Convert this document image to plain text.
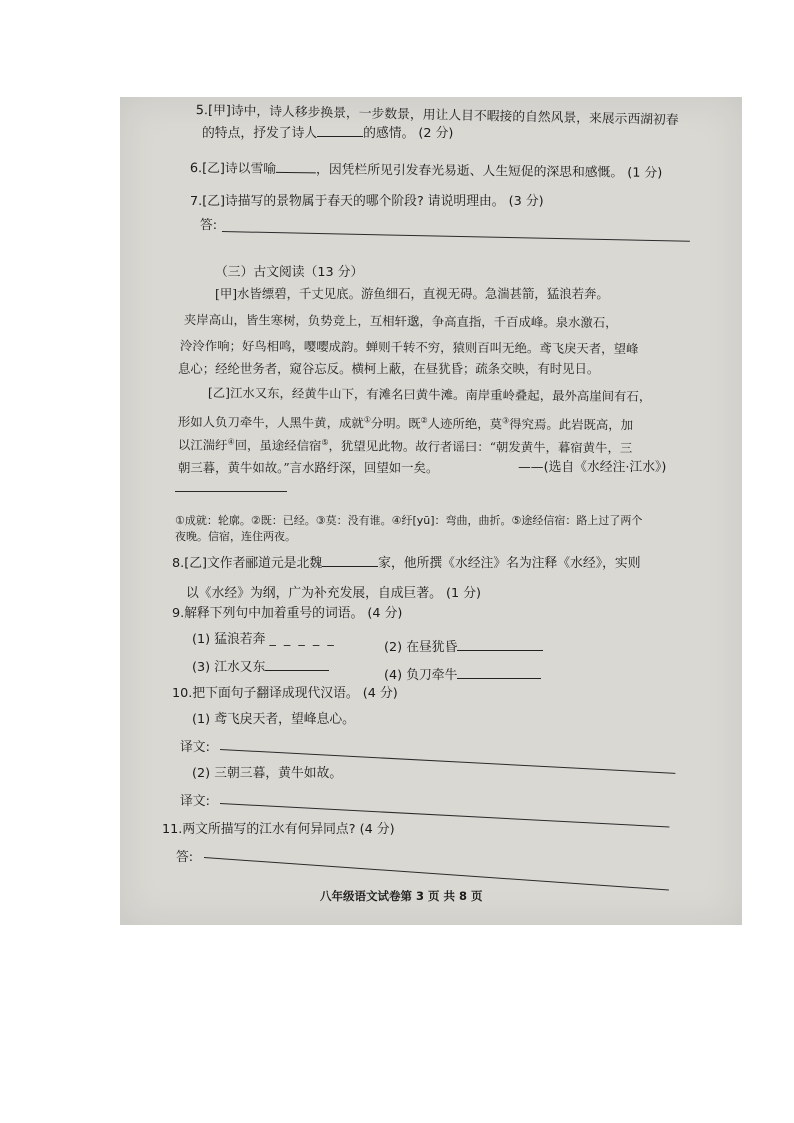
5.[甲]诗中，诗人移步换景，一步数景，用让人目不暇接的自然风景，来展示西湖初春
的特点，抒发了诗人	的感情。 (2 分)
6.[乙]诗以雪喻	，因凭栏所见引发春光易逝、人生短促的深思和感慨。 (1 分)
7.[乙]诗描写的景物属于春天的哪个阶段? 请说明理由。 (3 分)
答:
（三）古文阅读（13 分）
[甲]水皆缥碧，千丈见底。游鱼细石，直视无碍。急湍甚箭，猛浪若奔。
夹岸高山，皆生寒树，负势竞上，互相轩邈，争高直指，千百成峰。泉水激石，
泠泠作响；好鸟相鸣，嘤嘤成韵。蝉则千转不穷，猿则百叫无绝。鸢飞戾天者，望峰
息心；经纶世务者，窥谷忘反。横柯上蔽，在昼犹昏；疏条交映，有时见日。
[乙]江水又东，经黄牛山下，有滩名曰黄牛滩。南岸重岭叠起，最外高崖间有石，
形如人负刀牵牛，人黑牛黄，成就①分明。既②人迹所绝，莫③得究焉。此岩既高，加
以江湍纡④回，虽途经信宿⑤，犹望见此物。故行者谣曰：“朝发黄牛，暮宿黄牛，三
朝三暮，黄牛如故。”言水路纡深，回望如一矣。	——(选自《水经注·江水》)
①成就：轮廓。②既：已经。③莫：没有谁。④纡[yū]：弯曲，曲折。⑤途经信宿：路上过了两个
夜晚。信宿，连住两夜。
8.[乙]文作者郦道元是北魏	家，他所撰《水经注》名为注释《水经》，实则
以《水经》为纲，广为补充发展，自成巨著。 (1 分)
9.解释下列句中加着重号的词语。 (4 分)
(1) 猛浪若奔 _ _ _ _ _
(2) 在昼犹昏
(3) 江水又东
(4) 负刀牵牛
10.把下面句子翻译成现代汉语。 (4 分)
(1) 鸢飞戾天者，望峰息心。
译文:
(2) 三朝三暮，黄牛如故。
译文:
11.两文所描写的江水有何异同点? (4 分)
答:
八年级语文试卷第 3 页 共 8 页
